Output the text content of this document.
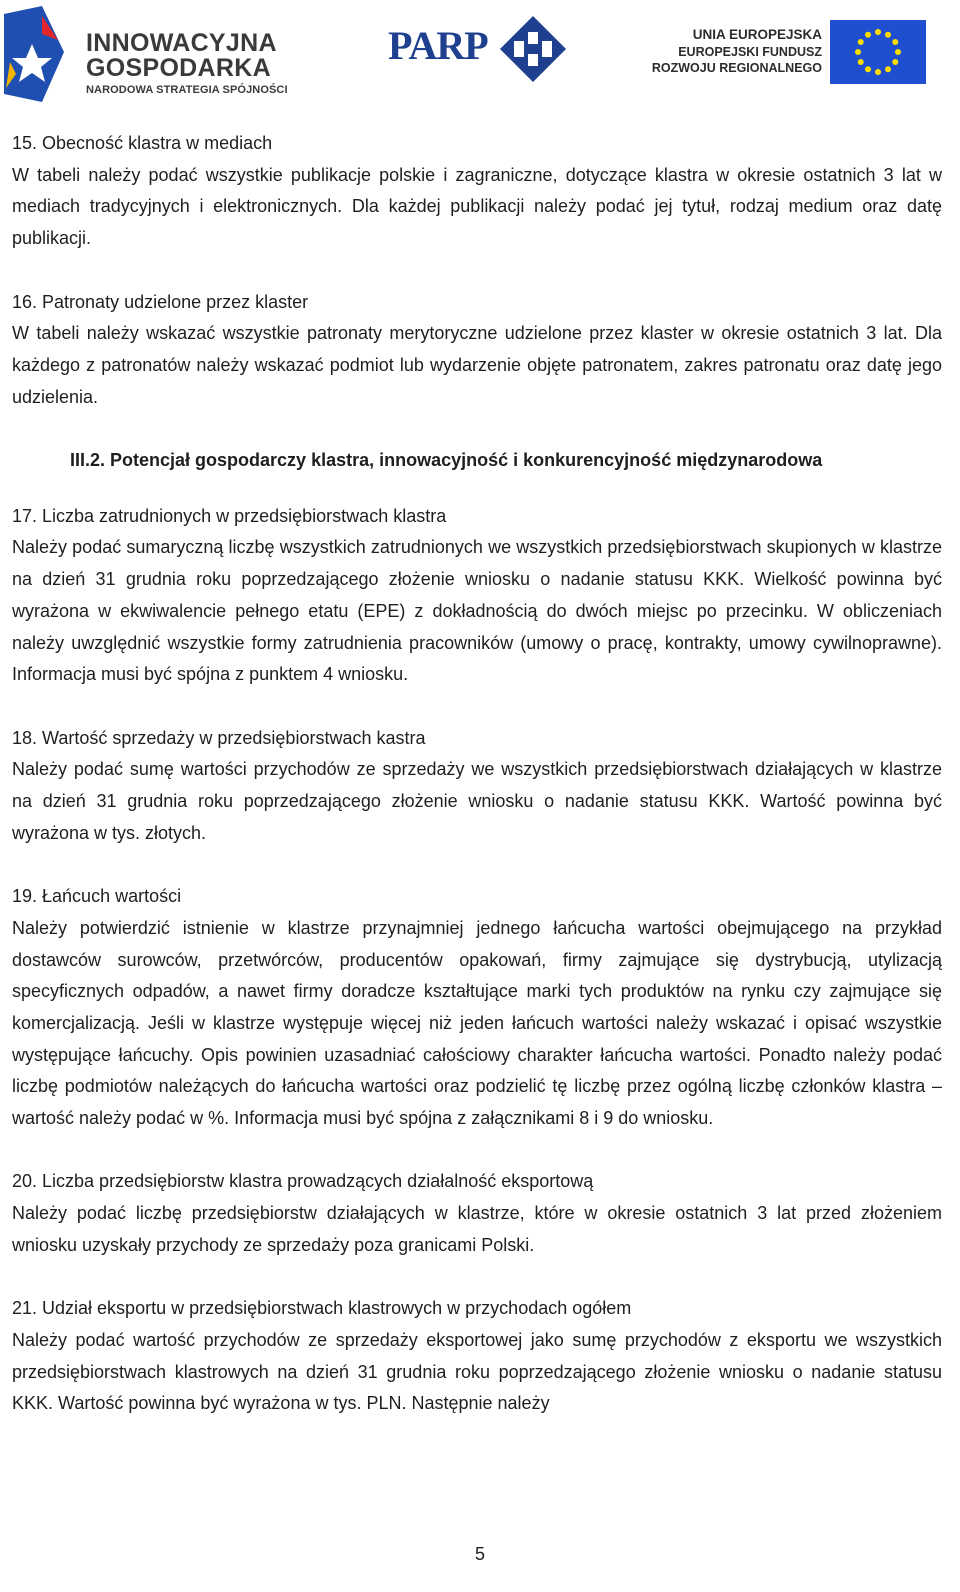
INNOWACYJNA
GOSPODARKA
NARODOWA STRATEGIA SPÓJNOŚCI
PARP	UNIA EUROPEJSKA
EUROPEJSKI FUNDUSZ
ROZWOJU REGIONALNEGO

15. Obecność klastra w mediach

W tabeli należy podać wszystkie publikacje polskie i zagraniczne, dotyczące klastra w okresie ostatnich 3 lat w mediach tradycyjnych i elektronicznych. Dla każdej publikacji należy podać jej tytuł, rodzaj medium oraz datę publikacji.

16. Patronaty udzielone przez klaster

W tabeli należy wskazać wszystkie patronaty merytoryczne udzielone przez klaster w okresie ostatnich 3 lat. Dla każdego z patronatów należy wskazać podmiot lub wydarzenie objęte patronatem, zakres patronatu oraz datę jego udzielenia.

III.2. Potencjał gospodarczy klastra, innowacyjność i konkurencyjność międzynarodowa

17. Liczba zatrudnionych w przedsiębiorstwach klastra

Należy podać sumaryczną liczbę wszystkich zatrudnionych we wszystkich przedsiębiorstwach skupionych w klastrze na dzień 31 grudnia roku poprzedzającego złożenie wniosku o nadanie statusu KKK. Wielkość powinna być wyrażona w ekwiwalencie pełnego etatu (EPE) z dokładnością do dwóch miejsc po przecinku. W obliczeniach należy uwzględnić wszystkie formy zatrudnienia pracowników (umowy o pracę, kontrakty, umowy cywilnoprawne). Informacja musi być spójna z punktem 4 wniosku.

18. Wartość sprzedaży w przedsiębiorstwach kastra

Należy podać sumę wartości przychodów ze sprzedaży we wszystkich przedsiębiorstwach działających w klastrze na dzień 31 grudnia roku poprzedzającego złożenie wniosku o nadanie statusu KKK. Wartość powinna być wyrażona w tys. złotych.

19. Łańcuch wartości

Należy potwierdzić istnienie w klastrze przynajmniej jednego łańcucha wartości obejmującego na przykład dostawców surowców, przetwórców, producentów opakowań, firmy zajmujące się dystrybucją, utylizacją specyficznych odpadów, a nawet firmy doradcze kształtujące marki tych produktów na rynku czy zajmujące się komercjalizacją. Jeśli w klastrze występuje więcej niż jeden łańcuch wartości należy wskazać i opisać wszystkie występujące łańcuchy. Opis powinien uzasadniać całościowy charakter łańcucha wartości. Ponadto należy podać liczbę podmiotów należących do łańcucha wartości oraz podzielić tę liczbę przez ogólną liczbę członków klastra – wartość należy podać w %. Informacja musi być spójna z załącznikami 8 i 9 do wniosku.

20. Liczba przedsiębiorstw klastra prowadzących działalność eksportową

Należy podać liczbę przedsiębiorstw działających w klastrze, które w okresie ostatnich 3 lat przed złożeniem wniosku uzyskały przychody ze sprzedaży poza granicami Polski.

21. Udział eksportu w przedsiębiorstwach klastrowych w przychodach ogółem

Należy podać wartość przychodów ze sprzedaży eksportowej jako sumę przychodów z eksportu we wszystkich przedsiębiorstwach klastrowych na dzień 31 grudnia roku poprzedzającego złożenie wniosku o nadanie statusu KKK. Wartość powinna być wyrażona w tys. PLN. Następnie należy

5
